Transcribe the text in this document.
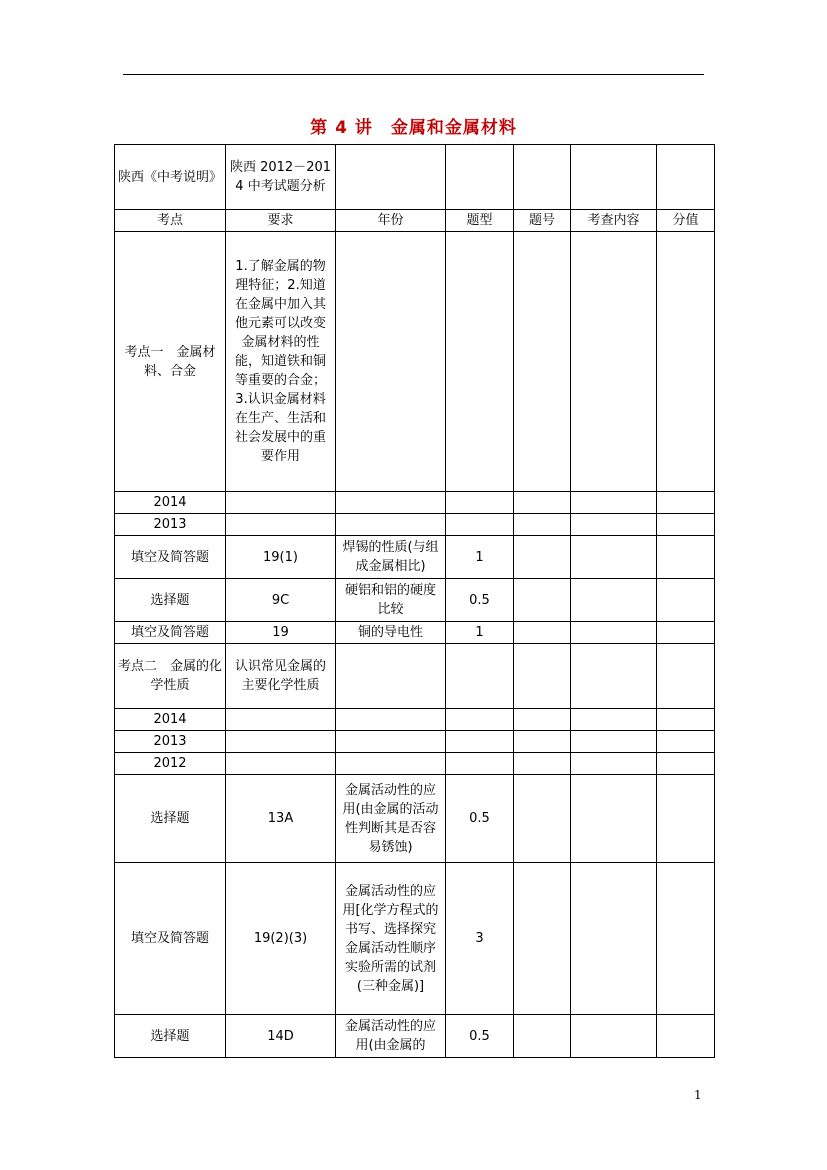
第 4 讲　金属和金属材料
陕西《中考说明》	陕西 2012－2014 中考试题分析					
考点	要求	年份	题型	题号	考查内容	分值
考点一　金属材料、合金	1.了解金属的物理特征；2.知道在金属中加入其他元素可以改变金属材料的性能，知道铁和铜等重要的合金；3.认识金属材料在生产、生活和社会发展中的重要作用					
2014						
2013						
填空及简答题	19(1)	焊锡的性质(与组成金属相比)	1			
选择题	9C	硬铝和铝的硬度比较	0.5			
填空及简答题	19	铜的导电性	1			
考点二　金属的化学性质	认识常见金属的主要化学性质					
2014						
2013						
2012						
选择题	13A	金属活动性的应用(由金属的活动性判断其是否容易锈蚀)	0.5			
填空及简答题	19(2)(3)	金属活动性的应用[化学方程式的书写、选择探究金属活动性顺序实验所需的试剂(三种金属)]	3			
选择题	14D	金属活动性的应用(由金属的	0.5			
1
